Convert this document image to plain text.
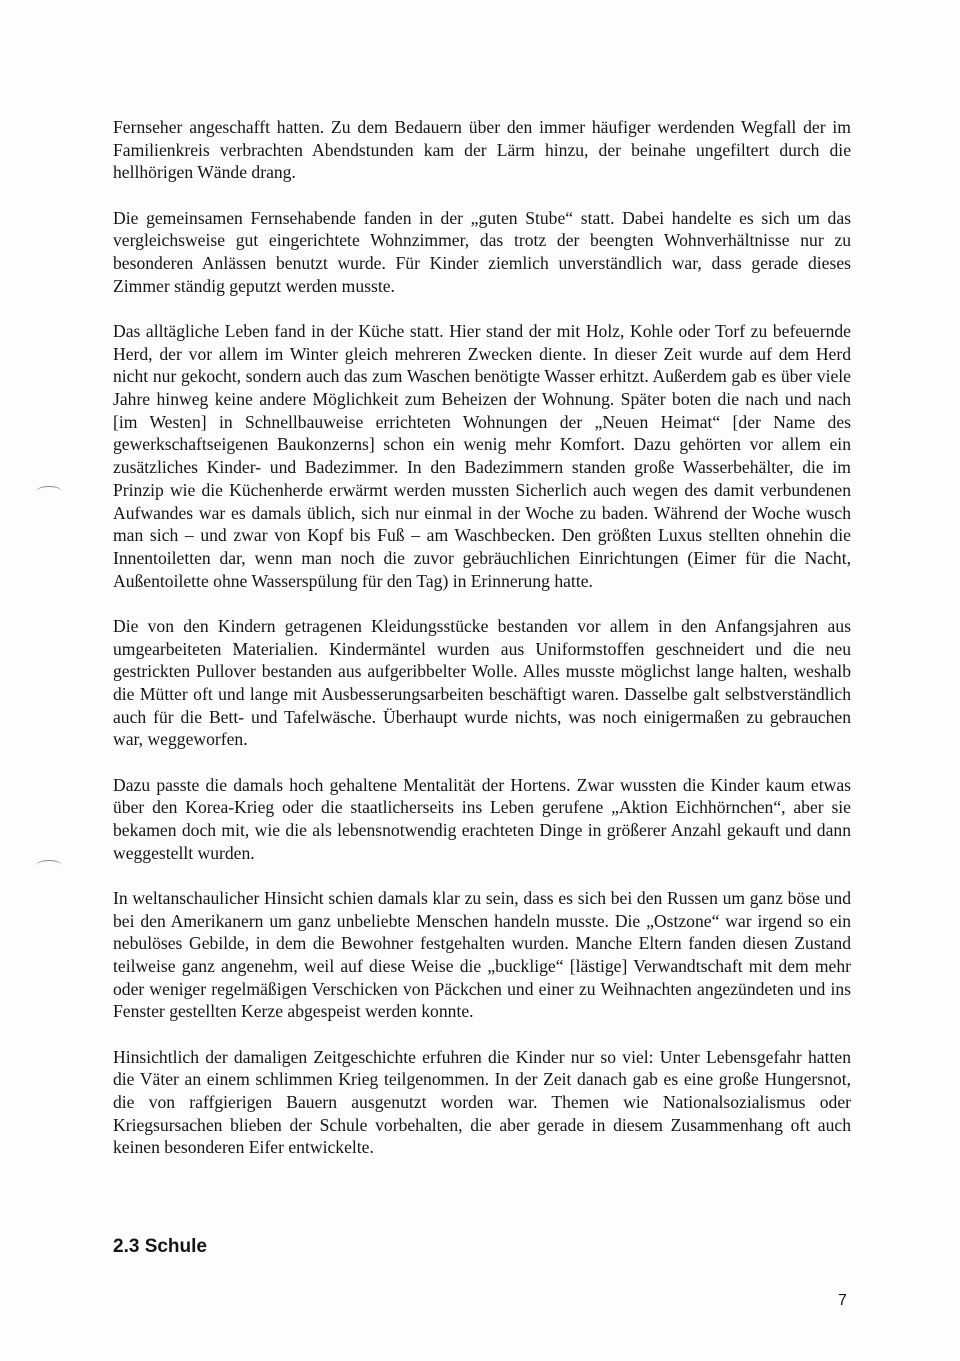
Fernseher angeschafft hatten. Zu dem Bedauern über den immer häufiger werdenden Wegfall der im Familienkreis verbrachten Abendstunden kam der Lärm hinzu, der beinahe ungefiltert durch die hellhörigen Wände drang.

Die gemeinsamen Fernsehabende fanden in der „guten Stube“ statt. Dabei handelte es sich um das vergleichsweise gut eingerichtete Wohnzimmer, das trotz der beengten Wohnverhältnisse nur zu besonderen Anlässen benutzt wurde. Für Kinder ziemlich unverständlich war, dass gerade dieses Zimmer ständig geputzt werden musste.

Das alltägliche Leben fand in der Küche statt. Hier stand der mit Holz, Kohle oder Torf zu befeuernde Herd, der vor allem im Winter gleich mehreren Zwecken diente. In dieser Zeit wurde auf dem Herd nicht nur gekocht, sondern auch das zum Waschen benötigte Wasser erhitzt. Außerdem gab es über viele Jahre hinweg keine andere Möglichkeit zum Beheizen der Wohnung. Später boten die nach und nach [im Westen] in Schnellbauweise errichteten Wohnungen der „Neuen Heimat“ [der Name des gewerkschaftseigenen Baukonzerns] schon ein wenig mehr Komfort. Dazu gehörten vor allem ein zusätzliches Kinder- und Badezimmer. In den Badezimmern standen große Wasserbehälter, die im Prinzip wie die Küchenherde erwärmt werden mussten Sicherlich auch wegen des damit verbundenen Aufwandes war es damals üblich, sich nur einmal in der Woche zu baden. Während der Woche wusch man sich – und zwar von Kopf bis Fuß – am Waschbecken. Den größten Luxus stellten ohnehin die Innentoiletten dar, wenn man noch die zuvor gebräuchlichen Einrichtungen (Eimer für die Nacht, Außentoilette ohne Wasserspülung für den Tag) in Erinnerung hatte.

Die von den Kindern getragenen Kleidungsstücke bestanden vor allem in den Anfangsjahren aus umgearbeiteten Materialien. Kindermäntel wurden aus Uniformstoffen geschneidert und die neu gestrickten Pullover bestanden aus aufgeribbelter Wolle. Alles musste möglichst lange halten, weshalb die Mütter oft und lange mit Ausbesserungsarbeiten beschäftigt waren. Dasselbe galt selbstverständlich auch für die Bett- und Tafelwäsche. Überhaupt wurde nichts, was noch einigermaßen zu gebrauchen war, weggeworfen.

Dazu passte die damals hoch gehaltene Mentalität der Hortens. Zwar wussten die Kinder kaum etwas über den Korea-Krieg oder die staatlicherseits ins Leben gerufene „Aktion Eichhörnchen“, aber sie bekamen doch mit, wie die als lebensnotwendig erachteten Dinge in größerer Anzahl gekauft und dann weggestellt wurden.

In weltanschaulicher Hinsicht schien damals klar zu sein, dass es sich bei den Russen um ganz böse und bei den Amerikanern um ganz unbeliebte Menschen handeln musste. Die „Ostzone“ war irgend so ein nebulöses Gebilde, in dem die Bewohner festgehalten wurden. Manche Eltern fanden diesen Zustand teilweise ganz angenehm, weil auf diese Weise die „bucklige“ [lästige] Verwandtschaft mit dem mehr oder weniger regelmäßigen Verschicken von Päckchen und einer zu Weihnachten angezündeten und ins Fenster gestellten Kerze abgespeist werden konnte.

Hinsichtlich der damaligen Zeitgeschichte erfuhren die Kinder nur so viel: Unter Lebensgefahr hatten die Väter an einem schlimmen Krieg teilgenommen. In der Zeit danach gab es eine große Hungersnot, die von raffgierigen Bauern ausgenutzt worden war. Themen wie Nationalsozialismus oder Kriegsursachen blieben der Schule vorbehalten, die aber gerade in diesem Zusammenhang oft auch keinen besonderen Eifer entwickelte.

2.3 Schule
7
